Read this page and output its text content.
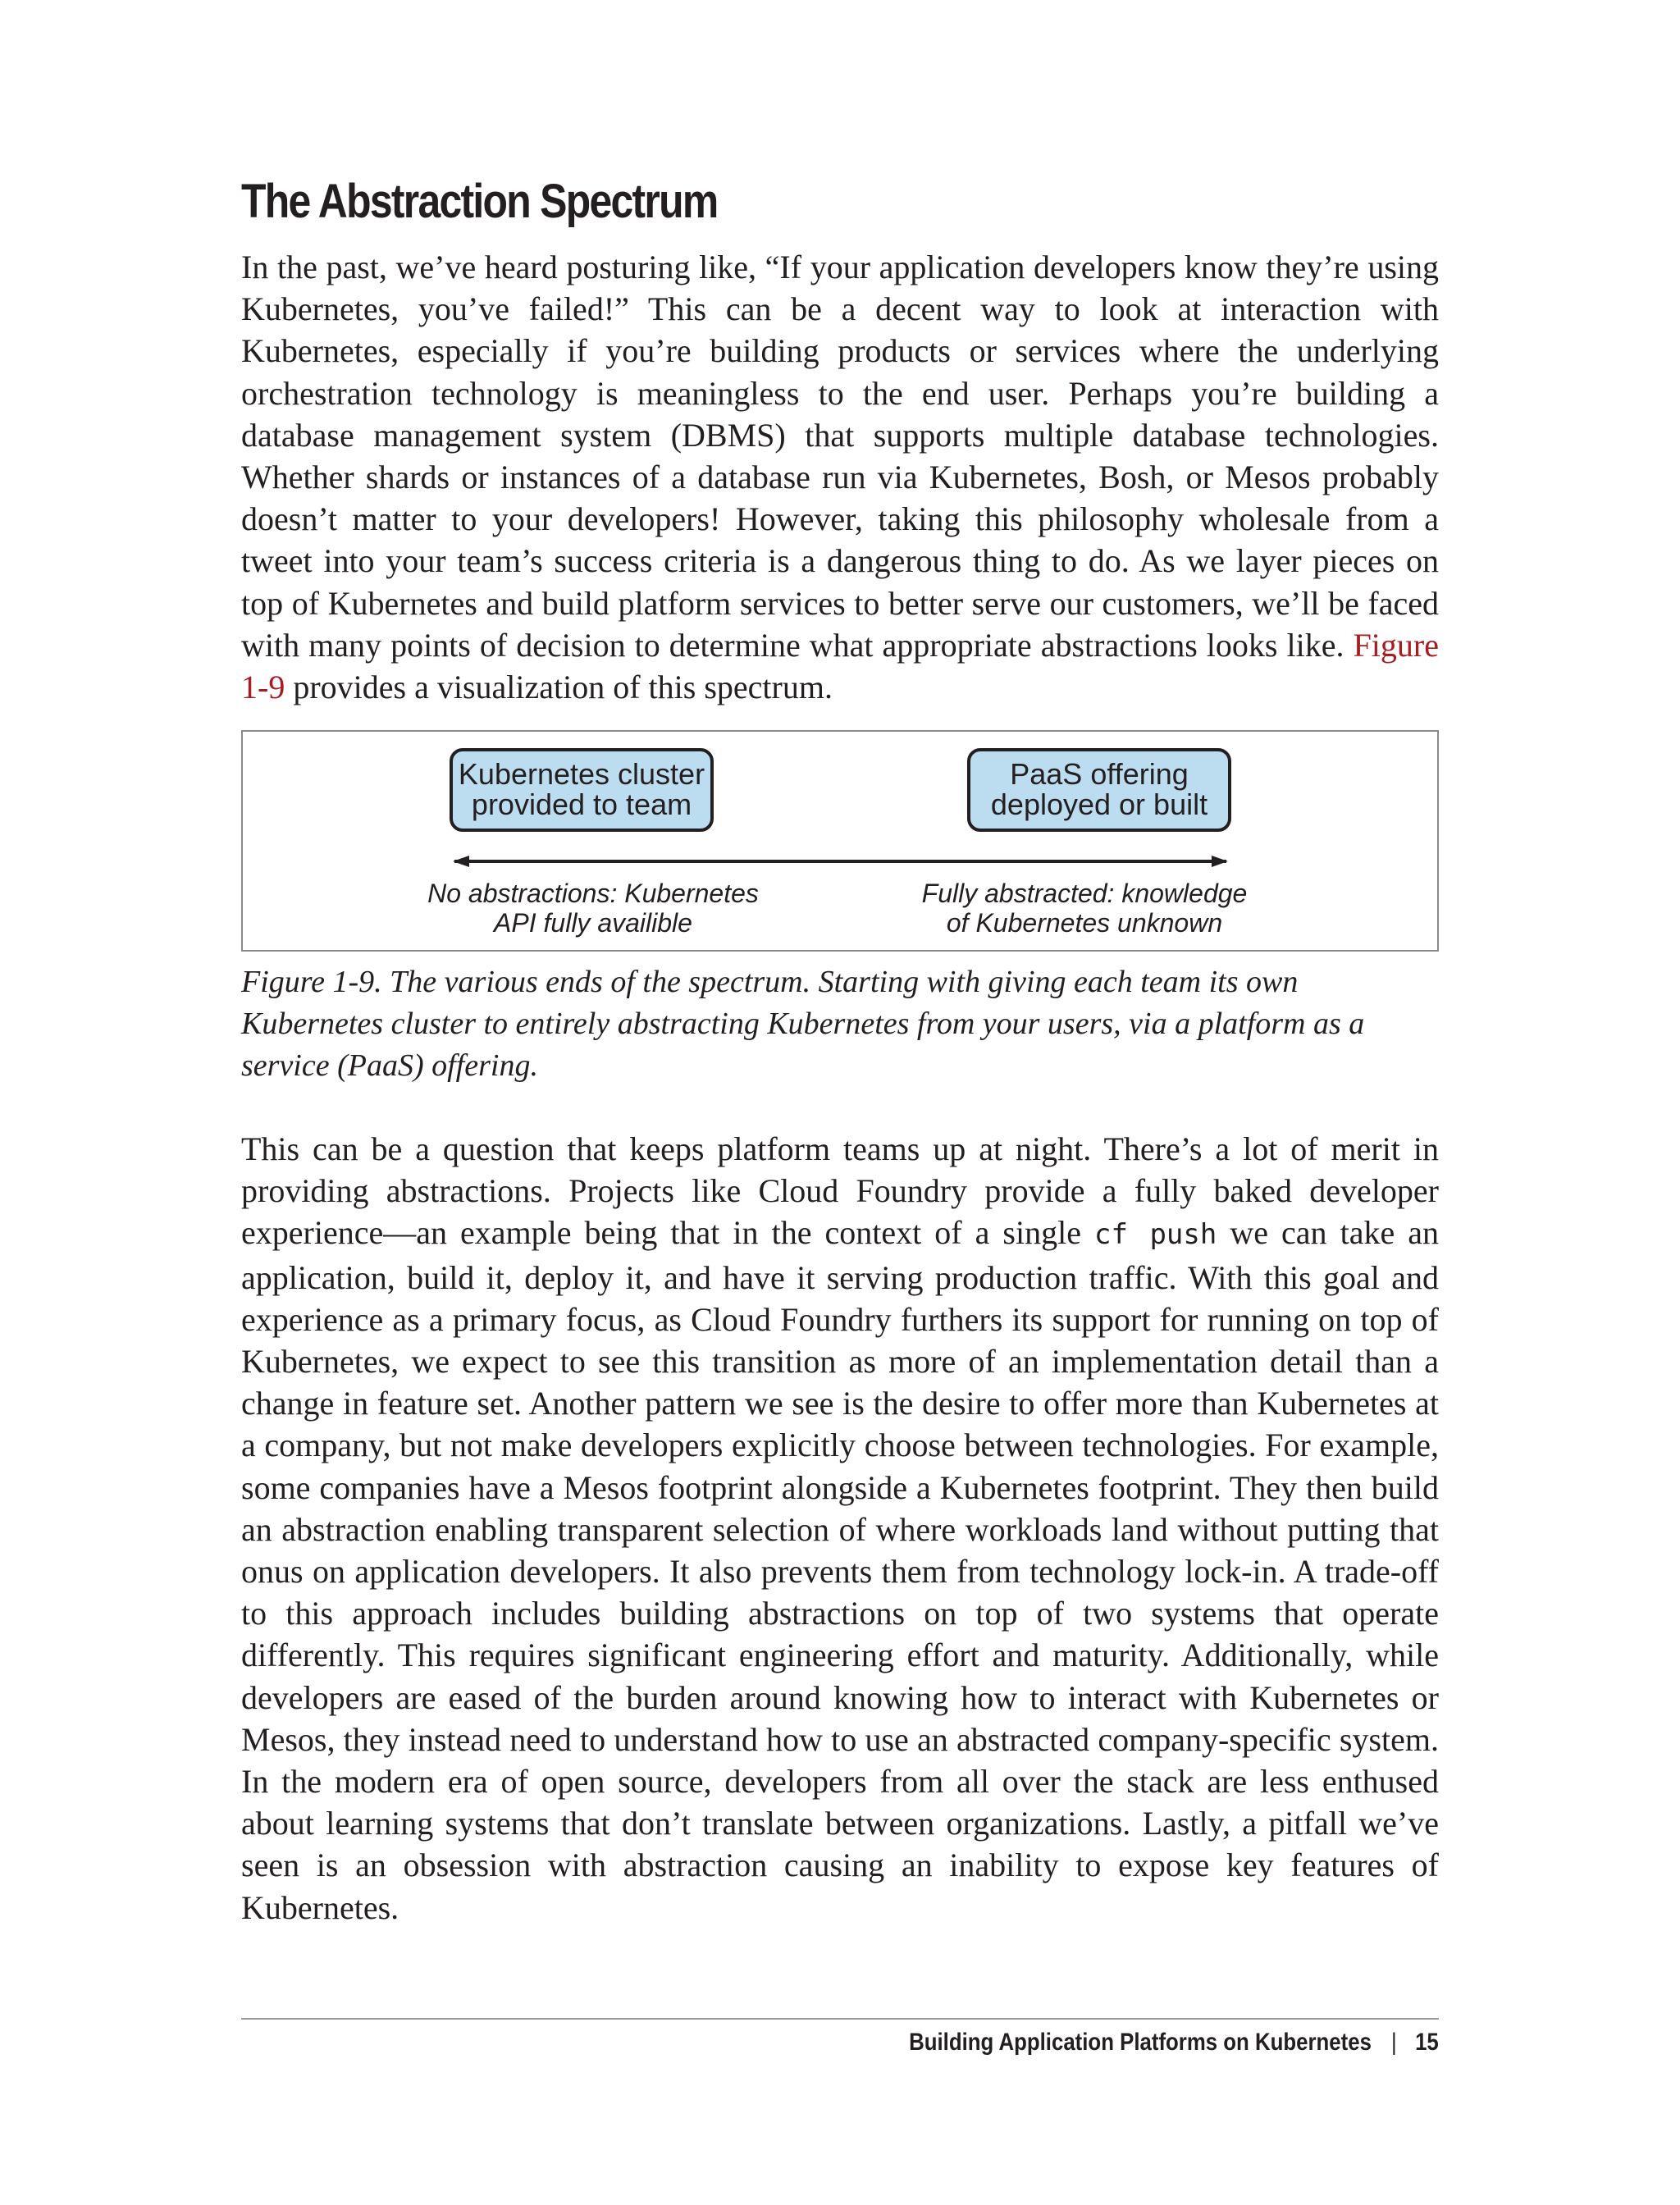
The Abstraction Spectrum

In the past, we’ve heard posturing like, “If your application developers know they’re using Kubernetes, you’ve failed!” This can be a decent way to look at interaction with Kubernetes, especially if you’re building products or services where the underlying orchestration technology is meaningless to the end user. Perhaps you’re building a database management system (DBMS) that supports multiple database technologies. Whether shards or instances of a database run via Kubernetes, Bosh, or Mesos probably doesn’t matter to your developers! However, taking this philosophy wholesale from a tweet into your team’s success criteria is a dangerous thing to do. As we layer pieces on top of Kubernetes and build platform services to better serve our customers, we’ll be faced with many points of decision to determine what appropriate abstractions looks like. Figure 1-9 provides a visualization of this spectrum.

Kubernetes cluster
provided to team
PaaS offering
deployed or built
No abstractions: Kubernetes
API fully availible
Fully abstracted: knowledge
of Kubernetes unknown

Figure 1-9. The various ends of the spectrum. Starting with giving each team its own Kubernetes cluster to entirely abstracting Kubernetes from your users, via a platform as a service (PaaS) offering.

This can be a question that keeps platform teams up at night. There’s a lot of merit in providing abstractions. Projects like Cloud Foundry provide a fully baked developer experience—an example being that in the context of a single cf push we can take an application, build it, deploy it, and have it serving production traffic. With this goal and experience as a primary focus, as Cloud Foundry furthers its support for running on top of Kubernetes, we expect to see this transition as more of an implementation detail than a change in feature set. Another pattern we see is the desire to offer more than Kubernetes at a company, but not make developers explicitly choose between technologies. For example, some companies have a Mesos footprint alongside a Kubernetes footprint. They then build an abstraction enabling transparent selection of where workloads land without putting that onus on application developers. It also prevents them from technology lock-in. A trade-off to this approach includes building abstractions on top of two systems that operate differently. This requires significant engineering effort and maturity. Additionally, while developers are eased of the burden around knowing how to interact with Kubernetes or Mesos, they instead need to understand how to use an abstracted company-specific system. In the modern era of open source, developers from all over the stack are less enthused about learning systems that don’t translate between organizations. Lastly, a pitfall we’ve seen is an obsession with abstraction causing an inability to expose key features of Kubernetes.

Building Application Platforms on Kubernetes | 15
